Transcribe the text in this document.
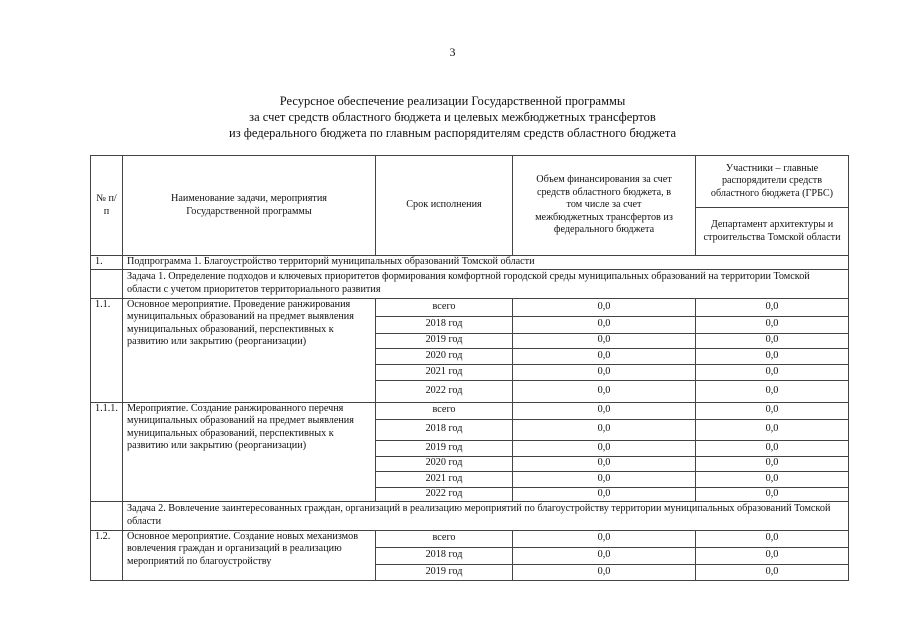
3
Ресурсное обеспечение реализации Государственной программы
за счет средств областного бюджета и целевых межбюджетных трансфертов
из федерального бюджета по главным распорядителям средств областного бюджета
№ п/п	Наименование задачи, мероприятия Государственной программы	Срок исполнения	Объем финансирования за счет средств областного бюджета, в том числе за счет межбюджетных трансфертов из федерального бюджета	Участники – главные распорядители средств областного бюджета (ГРБС)
				Департамент архитектуры и строительства Томской области
1.	Подпрограмма 1. Благоустройство территорий муниципальных образований Томской области			
	Задача 1. Определение подходов и ключевых приоритетов формирования комфортной городской среды муниципальных образований на территории Томской области с учетом приоритетов территориального развития			
1.1.	Основное мероприятие. Проведение ранжирования муниципальных образований на предмет выявления муниципальных образований, перспективных к развитию или закрытию (реорганизации)	всего	0,0	0,0
		2018 год	0,0	0,0
		2019 год	0,0	0,0
		2020 год	0,0	0,0
		2021 год	0,0	0,0
		2022 год	0,0	0,0
1.1.1.	Мероприятие. Создание ранжированного перечня муниципальных образований на предмет выявления муниципальных образований, перспективных к развитию или закрытию (реорганизации)	всего	0,0	0,0
		2018 год	0,0	0,0
		2019 год	0,0	0,0
		2020 год	0,0	0,0
		2021 год	0,0	0,0
		2022 год	0,0	0,0
	Задача 2. Вовлечение заинтересованных граждан, организаций в реализацию мероприятий по благоустройству территории муниципальных образований Томской области			
1.2.	Основное мероприятие. Создание новых механизмов вовлечения граждан и организаций в реализацию мероприятий по благоустройству	всего	0,0	0,0
		2018 год	0,0	0,0
		2019 год	0,0	0,0
